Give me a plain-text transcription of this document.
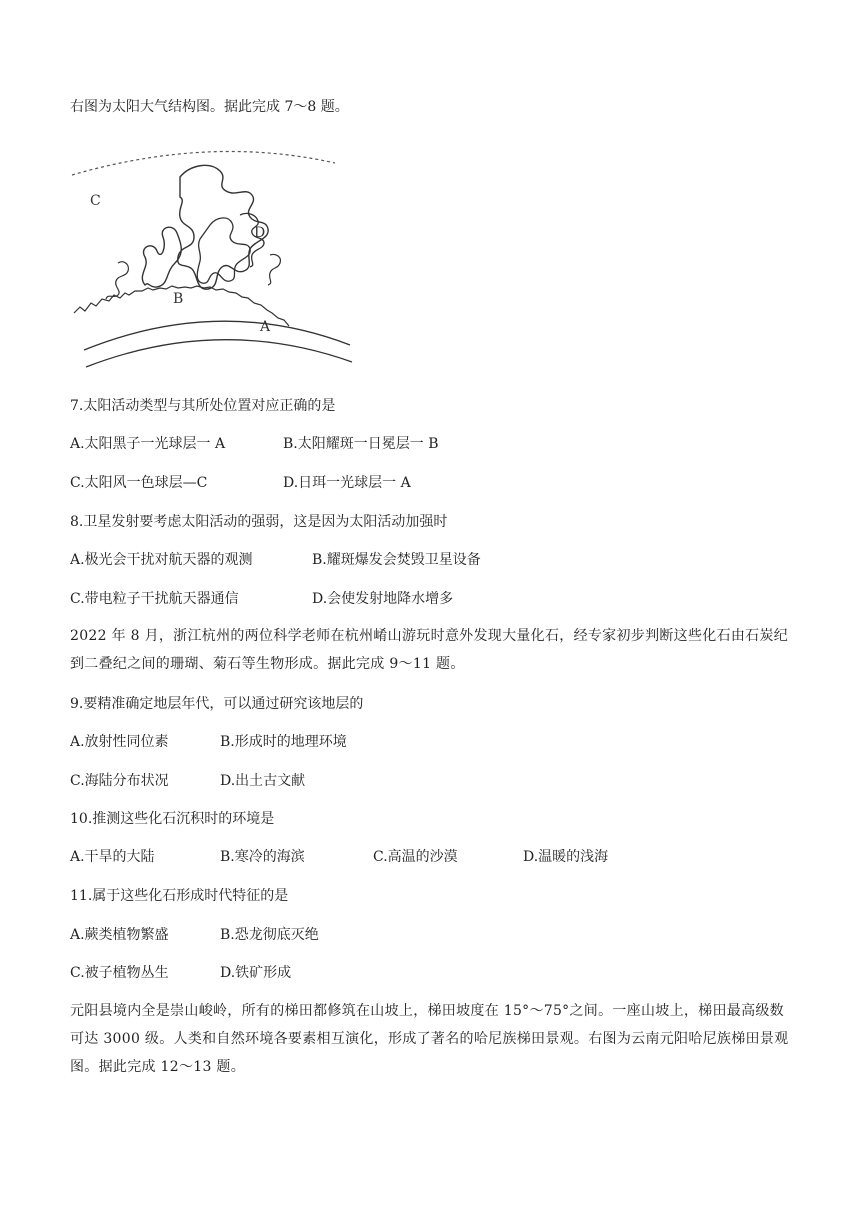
右图为太阳大气结构图。据此完成 7～8 题。
C
D
B
A
7.太阳活动类型与其所处位置对应正确的是
A.太阳黑子一光球层一 A	B.太阳耀斑一日冕层一 B
C.太阳风一色球层—C	D.日珥一光球层一 A
8.卫星发射要考虑太阳活动的强弱，这是因为太阳活动加强时
A.极光会干扰对航天器的观测	B.耀斑爆发会焚毁卫星设备
C.带电粒子干扰航天器通信	D.会使发射地降水增多
2022 年 8 月，浙江杭州的两位科学老师在杭州崤山游玩时意外发现大量化石，经专家初步判断这些化石由石炭纪到二叠纪之间的珊瑚、菊石等生物形成。据此完成 9～11 题。
9.要精准确定地层年代，可以通过研究该地层的
A.放射性同位素	B.形成时的地理环境
C.海陆分布状况	D.出土古文献
10.推测这些化石沉积时的环境是
A.干旱的大陆	B.寒冷的海滨	C.高温的沙漠	D.温暖的浅海
11.属于这些化石形成时代特征的是
A.蕨类植物繁盛	B.恐龙彻底灭绝
C.被子植物丛生	D.铁矿形成
元阳县境内全是崇山峻岭，所有的梯田都修筑在山坡上，梯田坡度在 15°～75°之间。一座山坡上，梯田最高级数可达 3000 级。人类和自然环境各要素相互演化，形成了著名的哈尼族梯田景观。右图为云南元阳哈尼族梯田景观图。据此完成 12～13 题。
